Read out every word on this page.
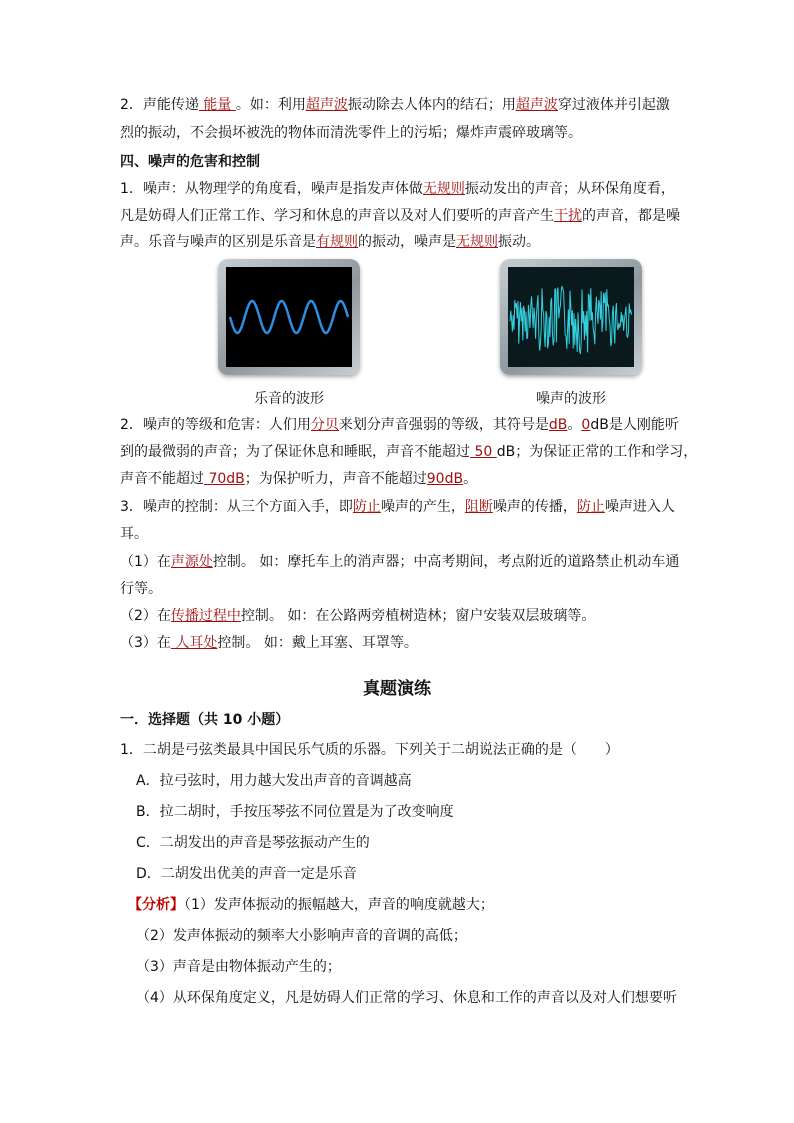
2．声能传递 能量 。如：利用超声波振动除去人体内的结石；用超声波穿过液体并引起激
烈的振动，不会损坏被洗的物体而清洗零件上的污垢；爆炸声震碎玻璃等。
四、噪声的危害和控制
1．噪声：从物理学的角度看，噪声是指发声体做无规则振动发出的声音；从环保角度看，
凡是妨碍人们正常工作、学习和休息的声音以及对人们要听的声音产生干扰的声音，都是噪
声。乐音与噪声的区别是乐音是有规则的振动，噪声是无规则振动。
乐音的波形	噪声的波形
2．噪声的等级和危害：人们用分贝来划分声音强弱的等级，其符号是dB。0dB是人刚能听
到的最微弱的声音；为了保证休息和睡眠，声音不能超过 50 dB；为保证正常的工作和学习，
声音不能超过 70dB；为保护听力，声音不能超过90dB。
3．噪声的控制：从三个方面入手，即防止噪声的产生，阻断噪声的传播，防止噪声进入人
耳。
（1）在声源处控制。 如：摩托车上的消声器；中高考期间，考点附近的道路禁止机动车通
行等。
（2）在传播过程中控制。 如：在公路两旁植树造林；窗户安装双层玻璃等。
（3）在 人耳处控制。 如：戴上耳塞、耳罩等。
真题演练
一．选择题（共 10 小题）
1．二胡是弓弦类最具中国民乐气质的乐器。下列关于二胡说法正确的是（　　）
A．拉弓弦时，用力越大发出声音的音调越高
B．拉二胡时，手按压琴弦不同位置是为了改变响度
C．二胡发出的声音是琴弦振动产生的
D．二胡发出优美的声音一定是乐音
【分析】（1）发声体振动的振幅越大，声音的响度就越大；
（2）发声体振动的频率大小影响声音的音调的高低；
（3）声音是由物体振动产生的；
（4）从环保角度定义，凡是妨碍人们正常的学习、休息和工作的声音以及对人们想要听
